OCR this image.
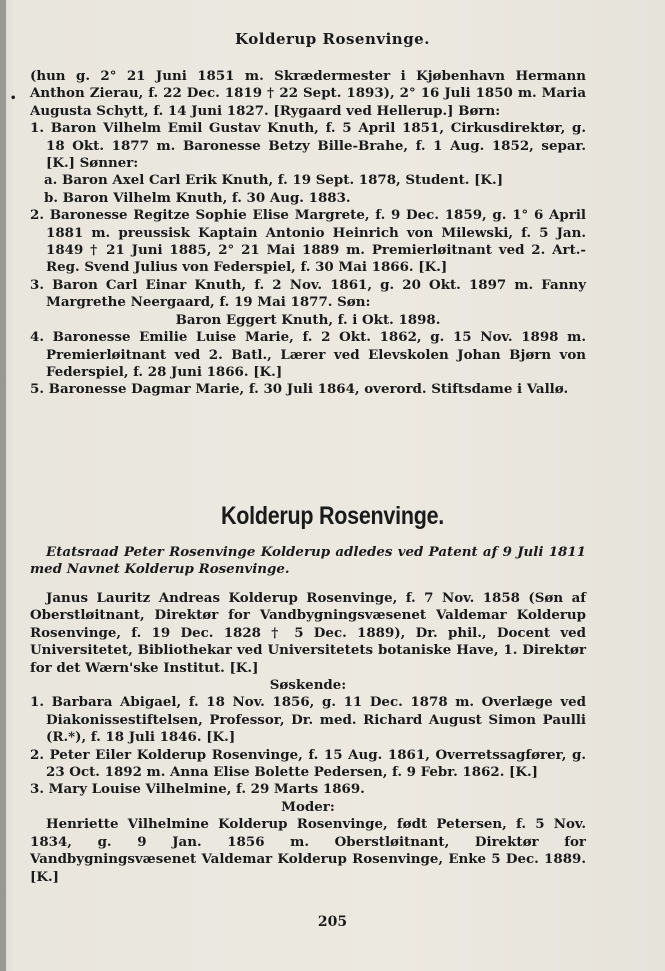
Kolderup Rosenvinge.
•

(hun g. 2° 21 Juni 1851 m. Skrædermester i Kjøbenhavn Hermann Anthon Zierau, f. 22 Dec. 1819 † 22 Sept. 1893), 2° 16 Juli 1850 m. Maria Augusta Schytt, f. 14 Juni 1827. [Rygaard ved Hellerup.] Børn:

1. Baron Vilhelm Emil Gustav Knuth, f. 5 April 1851, Cirkusdirektør, g. 18 Okt. 1877 m. Baronesse Betzy Bille-Brahe, f. 1 Aug. 1852, separ. [K.] Sønner:

a. Baron Axel Carl Erik Knuth, f. 19 Sept. 1878, Student. [K.]

b. Baron Vilhelm Knuth, f. 30 Aug. 1883.

2. Baronesse Regitze Sophie Elise Margrete, f. 9 Dec. 1859, g. 1° 6 April 1881 m. preussisk Kaptain Antonio Heinrich von Milewski, f. 5 Jan. 1849 † 21 Juni 1885, 2° 21 Mai 1889 m. Premierløitnant ved 2. Art.-Reg. Svend Julius von Federspiel, f. 30 Mai 1866. [K.]

3. Baron Carl Einar Knuth, f. 2 Nov. 1861, g. 20 Okt. 1897 m. Fanny Margrethe Neergaard, f. 19 Mai 1877. Søn:

Baron Eggert Knuth, f. i Okt. 1898.

4. Baronesse Emilie Luise Marie, f. 2 Okt. 1862, g. 15 Nov. 1898 m. Premierløitnant ved 2. Batl., Lærer ved Elevskolen Johan Bjørn von Federspiel, f. 28 Juni 1866. [K.]

5. Baronesse Dagmar Marie, f. 30 Juli 1864, overord. Stiftsdame i Vallø.

Kolderup Rosenvinge.
Etatsraad Peter Rosenvinge Kolderup adledes ved Patent af 9 Juli 1811 med Navnet Kolderup Rosenvinge.

Janus Lauritz Andreas Kolderup Rosenvinge, f. 7 Nov. 1858 (Søn af Oberstløitnant, Direktør for Vandbygningsvæsenet Valdemar Kolderup Rosenvinge, f. 19 Dec. 1828 † 5 Dec. 1889), Dr. phil., Docent ved Universitetet, Bibliothekar ved Universitetets botaniske Have, 1. Direktør for det Wærn'ske Institut. [K.]

Søskende:

1. Barbara Abigael, f. 18 Nov. 1856, g. 11 Dec. 1878 m. Overlæge ved Diakonissestiftelsen, Professor, Dr. med. Richard August Simon Paulli (R.*), f. 18 Juli 1846. [K.]

2. Peter Eiler Kolderup Rosenvinge, f. 15 Aug. 1861, Overretssagfører, g. 23 Oct. 1892 m. Anna Elise Bolette Pedersen, f. 9 Febr. 1862. [K.]

3. Mary Louise Vilhelmine, f. 29 Marts 1869.

Moder:

Henriette Vilhelmine Kolderup Rosenvinge, født Petersen, f. 5 Nov. 1834, g. 9 Jan. 1856 m. Oberstløitnant, Direktør for Vandbygningsvæsenet Valdemar Kolderup Rosenvinge, Enke 5 Dec. 1889. [K.]

205
